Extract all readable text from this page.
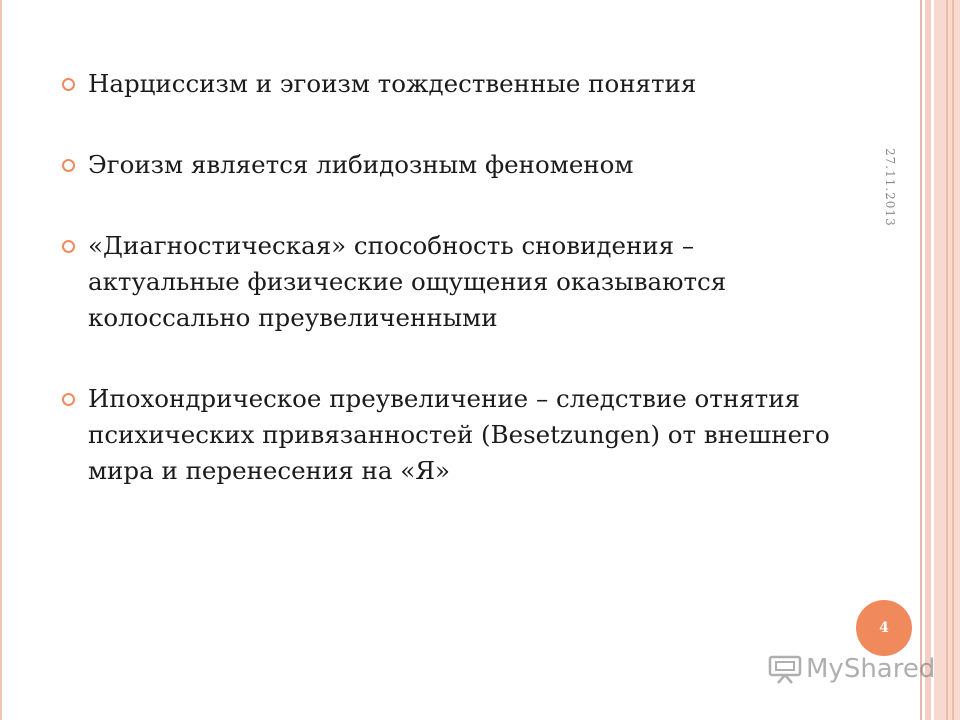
Нарциссизм и эгоизм тождественные понятия
Эгоизм является либидозным феноменом
«Диагностическая» способность сновидения – актуальные физические ощущения оказываются колоссально преувеличенными
Ипохондрическое преувеличение – следствие отнятия психических привязанностей (Besetzungen) от внешнего мира и перенесения на «Я»
27.11.2013
4
MyShared
